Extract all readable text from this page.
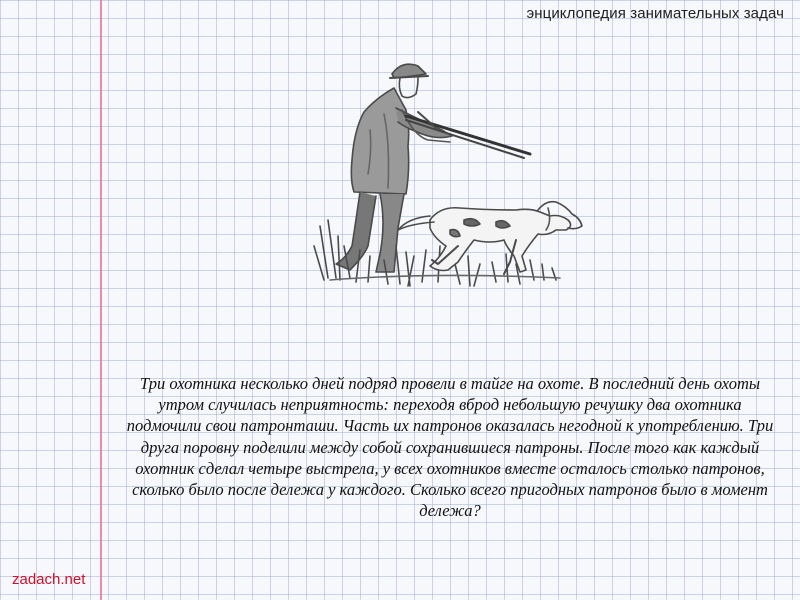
энциклопедия занимательных задач

Три охотника несколько дней подряд провели в тайге на охоте. В последний день охоты утром случилась неприятность: переходя вброд небольшую речушку два охотника подмочили свои патронташи. Часть их патронов оказалась негодной к употреблению. Три друга поровну поделили между собой сохранившиеся патроны. После того как каждый охотник сделал четыре выстрела, у всех охотников вместе осталось столько патронов, сколько было после дележа у каждого. Сколько всего пригодных патронов было в момент дележа?

zadach.net
